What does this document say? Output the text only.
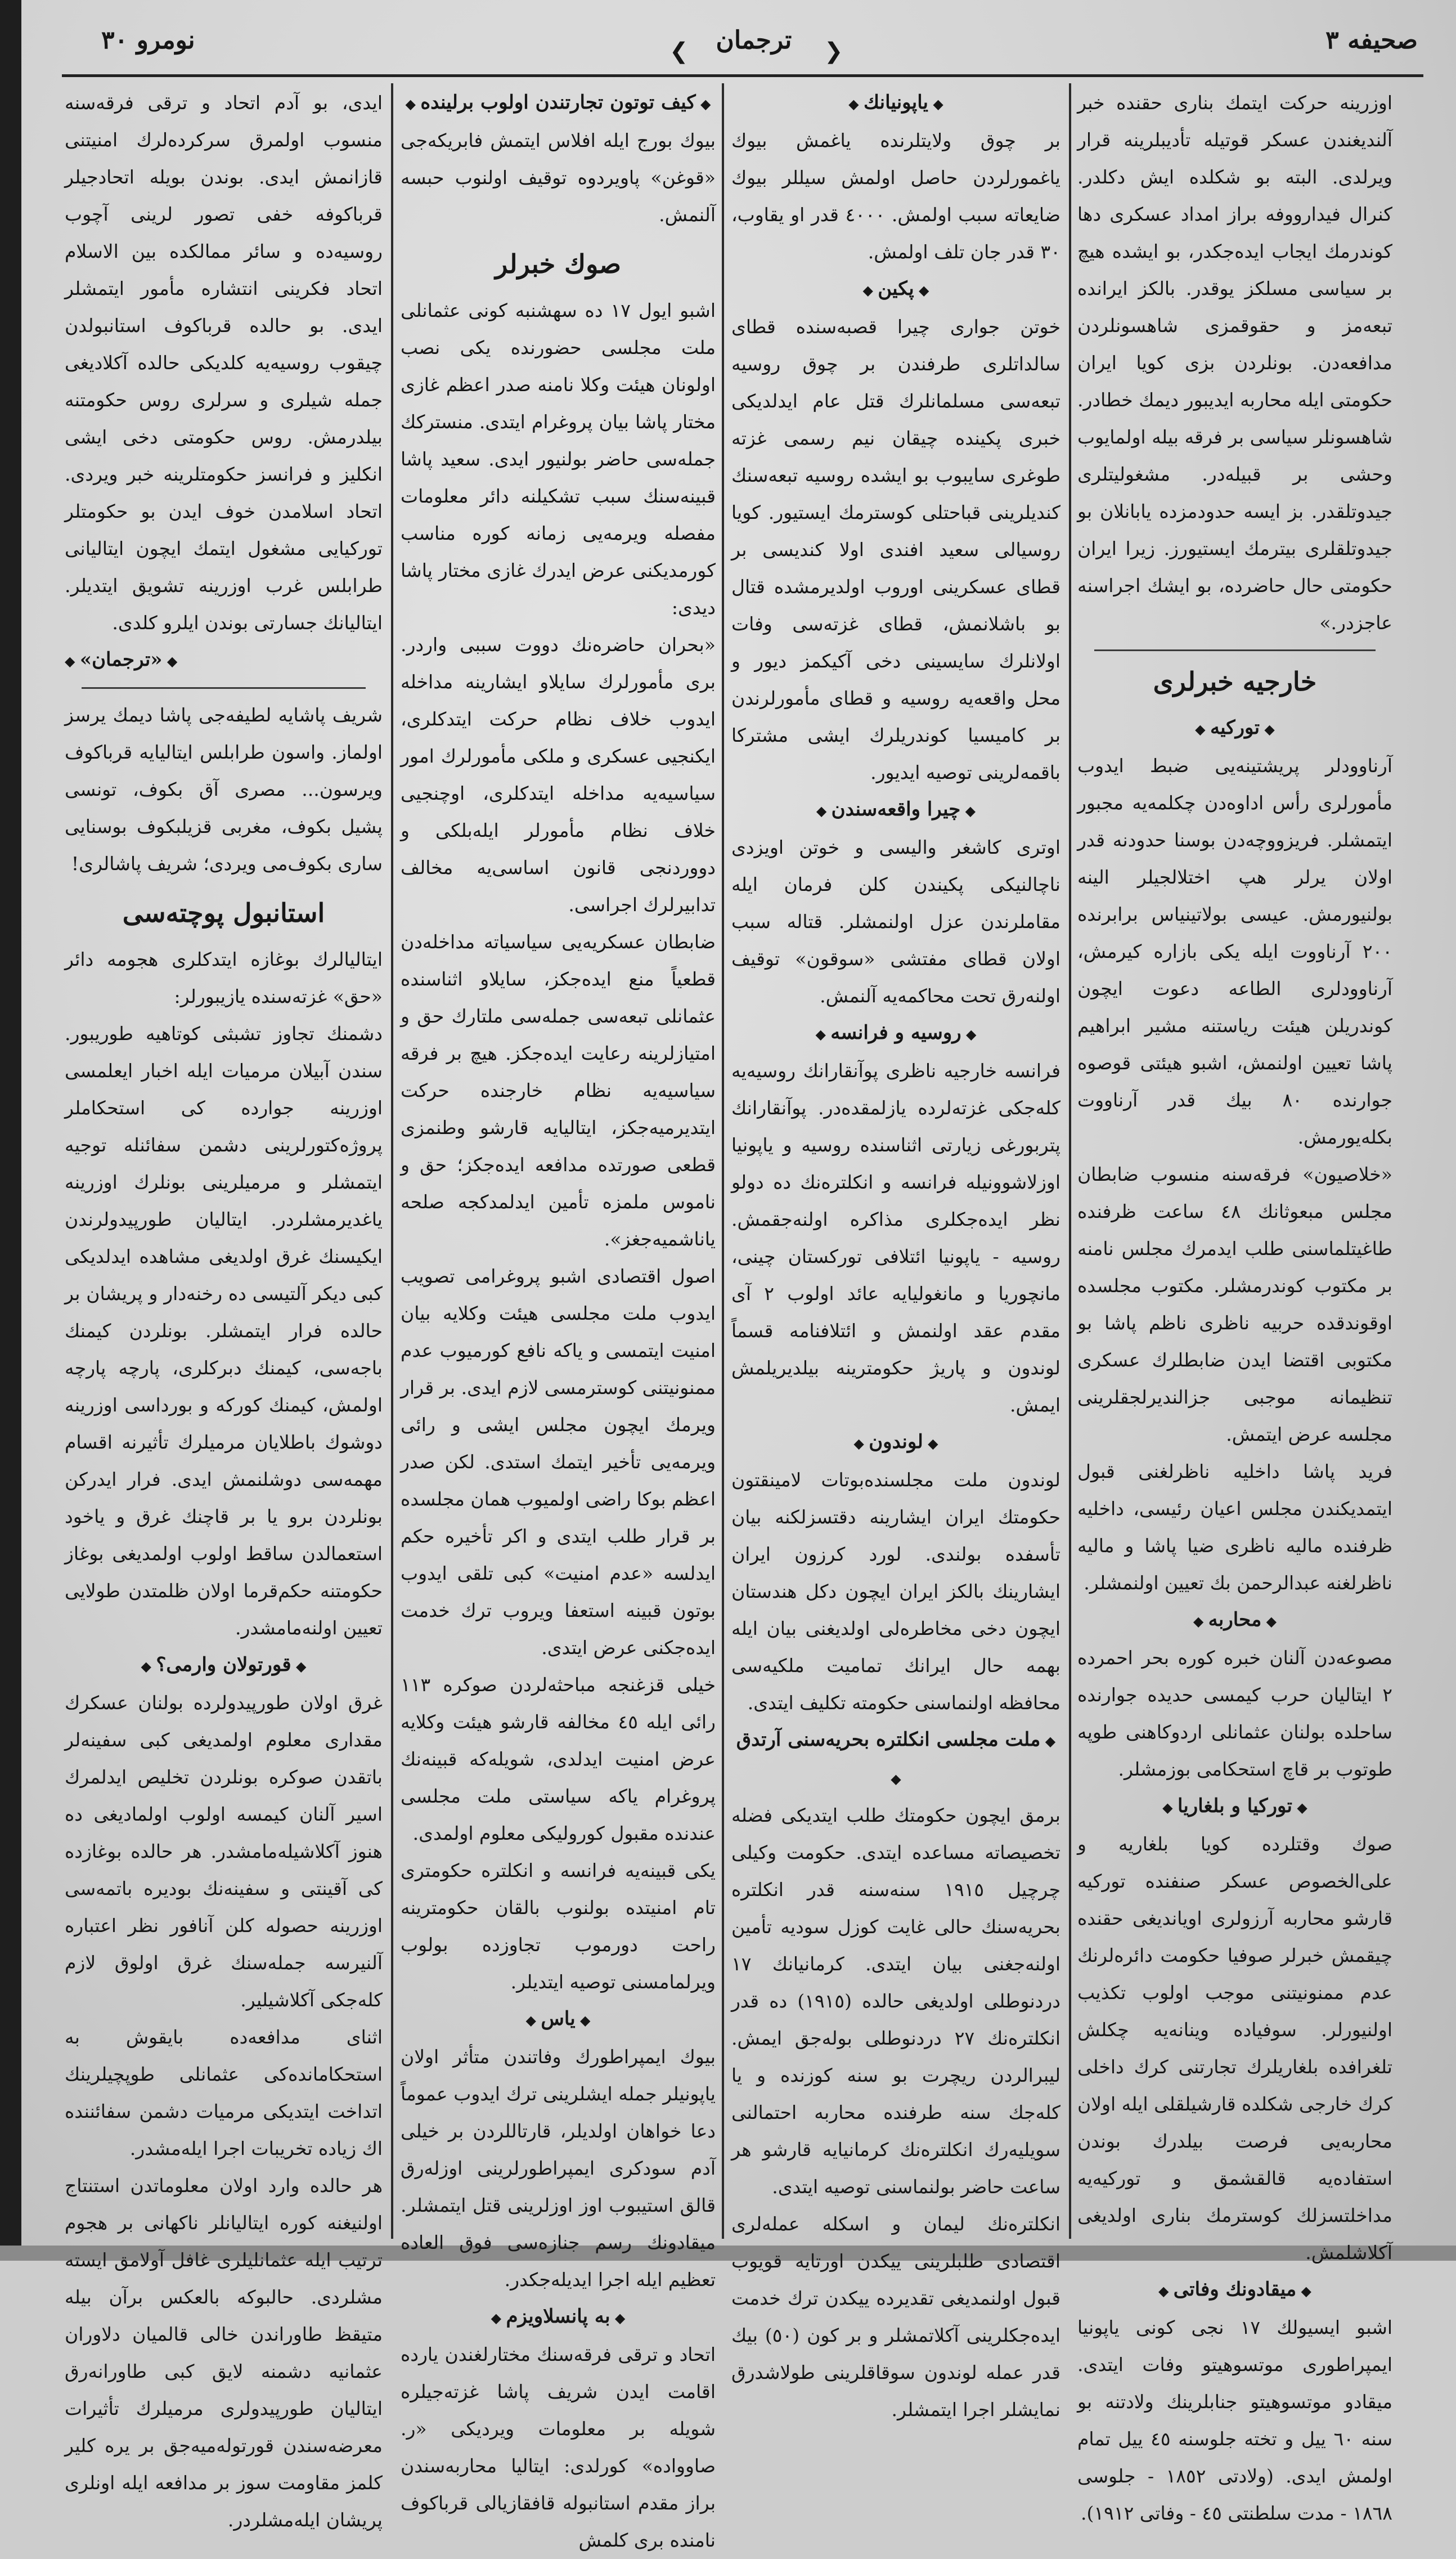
نومرو ٣٠	❮	ترجمان	❯	صحيفه ٣

اوزرينه حركت ايتمك بنارى حقنده خبر آلنديغندن عسكر قوتيله تأديبلرينه قرار ويرلدى. البته بو شكلده ايش دكلدر. كنرال فيدارووفه براز امداد عسكرى دها كوندرمك ايجاب ايده‌جكدر، بو ايشده هيچ بر سياسى مسلكز يوقدر. بالكز ايرانده تبعه‌مز و حقوقمزى شاهسونلردن مدافعه‌دن. بونلردن بزى كويا ايران حكومتى ايله محاربه ايديبور ديمك خطادر. شاهسونلر سياسى بر فرقه بيله اولمايوب وحشى بر قبيله‌در. مشغوليتلرى جيدوتلقدر. بز ايسه حدودمزده يابانلان بو جيدوتلقلرى بيترمك ايستيورز. زيرا ايران حكومتى حال حاضرده، بو ايشك اجراسنه عاجزدر.»

خارجيه خبرلرى
◆ توركيه ◆

آرناوودلر پريشتينه‌يى ضبط ايدوب مأمورلرى رأس اداوه‌دن چكلمه‌يه مجبور ايتمشلر. فريزووچه‌دن بوسنا حدودنه قدر اولان يرلر هپ اختلالجيلر الينه بولنيورمش. عيسى بولاتينياس برابرنده ٢٠٠ آرناووت ايله يكى بازاره كيرمش، آرناوودلرى الطاعه دعوت ايچون كوندريلن هيئت رياستنه مشير ابراهيم پاشا تعيين اولنمش، اشبو هيئتى قوصوه جوارنده ٨٠ بيك قدر آرناووت بكله‌يورمش.

«خلاصيون» فرقه‌سنه منسوب ضابطان مجلس مبعوثانك ٤٨ ساعت ظرفنده طاغيتلماسنى طلب ايدمرك مجلس نامنه بر مكتوب كوندرمشلر. مكتوب مجلسده اوقوندقده حربيه ناظرى ناظم پاشا بو مكتوبى اقتضا ايدن ضابطلرك عسكرى تنظيمانه موجبى جزالنديرلجقلرينى مجلسه عرض ايتمش.

فريد پاشا داخليه ناظرلغنى قبول ايتمديكندن مجلس اعيان رئيسى، داخليه ظرفنده ماليه ناظرى ضيا پاشا و ماليه ناظرلغنه عبدالرحمن بك تعيين اولنمشلر.

◆ محاربه ◆

مصوعه‌دن آلنان خبره كوره بحر احمرده ٢ ايتاليان حرب كيمسى حديده جوارنده ساحلده بولنان عثمانلى اردوكاهنى طوپه طوتوب بر قاچ استحكامى بوزمشلر.

◆ توركيا و بلغاريا ◆

صوك وقتلرده كويا بلغاريه و على‌الخصوص عسكر صنفنده توركيه قارشو محاربه آرزولرى اويانديغى حقنده چيقمش خبرلر صوفيا حكومت دائره‌لرنك عدم ممنونيتنى موجب اولوب تكذيب اولنيورلر. سوفياده وينانه‌يه چكلش تلغرافده بلغاريلرك تجارتنى كرك داخلى كرك خارجى شكلده قارشيلقلى ايله اولان محاربه‌يى فرصت بيلدرك بوندن استفاده‌يه قالقشمق و توركيه‌يه مداخلتسزلك كوسترمك بنارى اولديغى آكلاشلمش.

◆ ميقادونك وفاتى ◆

اشبو ايسيولك ١٧ نجى كونى ياپونيا ايمپراطورى موتسوهيتو وفات ايتدى. ميقادو موتسوهيتو جنابلرينك ولادتنه بو سنه ٦٠ ييل و تخته جلوسنه ٤٥ ييل تمام اولمش ايدى. (ولادتى ١٨٥٢ - جلوسى ١٨٦٨ - مدت سلطنتى ٤٥ - وفاتى ١٩١٢).

◆ ياپونيانك ◆

بر چوق ولايتلرنده ياغمش بيوك ياغمورلردن حاصل اولمش سيللر بيوك ضايعاته سبب اولمش. ٤٠٠٠ قدر او يقاوب، ٣٠ قدر جان تلف اولمش.

◆ پكين ◆

خوتن جوارى چيرا قصبه‌سنده قطاى سالداتلرى طرفندن بر چوق روسيه تبعه‌سى مسلمانلرك قتل عام ايدلديكى خبرى پكينده چيقان نيم رسمى غزته طوغرى سايبوب بو ايشده روسيه تبعه‌سنك كنديلرينى قباحتلى كوسترمك ايستيور. كويا روسيالى سعيد افندى اولا كنديسى بر قطاى عسكرينى اوروب اولديرمشده قتال بو باشلانمش، قطاى غزته‌سى وفات اولانلرك سايسينى دخى آكيكمز ديور و محل واقعه‌يه روسيه و قطاى مأمورلرندن بر كاميسيا كوندريلرك ايشى مشتركا باقمه‌لرينى توصيه ايديور.

◆ چيرا واقعه‌سندن ◆

اوترى كاشغر واليسى و خوتن اويزدى ناچالنيكى پكيندن كلن فرمان ايله مقاملرندن عزل اولنمشلر. قتاله سبب اولان قطاى مفتشى «سوقون» توقيف اولنه‌رق تحت محاكمه‌يه آلنمش.

◆ روسيه و فرانسه ◆

فرانسه خارجيه ناظرى پوآنقارانك روسيه‌يه كله‌جكى غزته‌لرده يازلمقده‌در. پوآنقارانك پتربورغى زيارتى اثناسنده روسيه و ياپونيا اوزلاشوونيله فرانسه و انكلتره‌نك ده دولو نظر ايده‌جكلرى مذاكره اولنه‌جقمش. روسيه - ياپونيا ائتلافى توركستان چينى، مانچوريا و مانغوليايه عائد اولوب ٢ آى مقدم عقد اولنمش و ائتلافنامه قسماً لوندون و پاريژ حكومترينه بيلديريلمش ايمش.

◆ لوندون ◆

لوندون ملت مجلسنده‌بوتات لامينقتون حكومتك ايران ايشارينه دقتسزلكنه بيان تأسفده بولندى. لورد كرزون ايران ايشارينك بالكز ايران ايچون دكل هندستان ايچون دخى مخاطره‌لى اولديغنى بيان ايله بهمه حال ايرانك تماميت ملكيه‌سى محافظه اولنماسنى حكومته تكليف ايتدى.

◆ ملت مجلسى انكلتره بحريه‌سنى آرتدق ◆

برمق ايچون حكومتك طلب ايتديكى فضله تخصيصاته مساعده ايتدى. حكومت وكيلى چرچيل ١٩١٥ سنه‌سنه قدر انكلتره بحريه‌سنك حالى غايت كوزل سوديه تأمين اولنه‌جغنى بيان ايتدى. كرمانيانك ١٧ دردنوطلى اولديغى حالده (١٩١٥) ده قدر انكلتره‌نك ٢٧ دردنوطلى بوله‌جق ايمش. ليبرالردن ريچرت بو سنه كوزنده و يا كله‌جك سنه طرفنده محاربه احتمالنى سويليه‌رك انكلتره‌نك كرمانيايه قارشو هر ساعت حاضر بولنماسنى توصيه ايتدى.

انكلتره‌نك ليمان و اسكله عمله‌لرى اقتصادى طلبلرينى ييكدن اورتايه قويوب قبول اولنمديغى تقديرده ييكدن ترك خدمت ايده‌جكلرينى آكلاتمشلر و بر كون (٥٠) بيك قدر عمله لوندون سوقاقلرينى طولاشدرق نمايشلر اجرا ايتمشلر.

◆ كيف توتون تجارتندن اولوب برلينده ◆

بيوك بورج ايله افلاس ايتمش فابريكه‌جى «قوغن» پاويردوه توقيف اولنوب حبسه آلنمش.

صوك خبرلر

اشبو ايول ١٧ ده سهشنبه كونى عثمانلى ملت مجلسى حضورنده يكى نصب اولونان هيئت وكلا نامنه صدر اعظم غازى مختار پاشا بيان پروغرام ايتدى. منستركك جمله‌سى حاضر بولنيور ايدى. سعيد پاشا قبينه‌سنك سبب تشكيلنه دائر معلومات مفصله ويرمه‌يى زمانه كوره مناسب كورمديكنى عرض ايدرك غازى مختار پاشا ديدى:

«بحران حاضره‌نك دووت سببى واردر. برى مأمورلرك سايلاو ايشارينه مداخله ايدوب خلاف نظام حركت ايتدكلرى، ايكنجيى عسكرى و ملكى مأمورلرك امور سياسيه‌يه مداخله ايتدكلرى، اوچنجيى خلاف نظام مأمورلر ايله‌بلكى و دووردنجى قانون اساسى‌يه مخالف تدابيرلرك اجراسى.

ضابطان عسكريه‌يى سياسياته مداخله‌دن قطعياً منع ايده‌جكز، سايلاو اثناسنده عثمانلى تبعه‌سى جمله‌سى ملتارك حق و امتيازلرينه رعايت ايده‌جكز. هيچ بر فرقه سياسيه‌يه نظام خارجنده حركت ايتديرميه‌جكز، ايتاليايه قارشو وطنمزى قطعى صورتده مدافعه ايده‌جكز؛ حق و ناموس ملمزه تأمين ايدلمدكجه صلحه ياناشميه‌جغز».

اصول اقتصادى اشبو پروغرامى تصويب ايدوب ملت مجلسى هيئت وكلايه بيان امنيت ايتمسى و ياكه نافع كورميوب عدم ممنونيتنى كوسترمسى لازم ايدى. بر قرار ويرمك ايچون مجلس ايشى و رائى ويرمه‌يى تأخير ايتمك استدى. لكن صدر اعظم بوكا راضى اولميوب همان مجلسده بر قرار طلب ايتدى و اكر تأخيره حكم ايدلسه «عدم امنيت» كبى تلقى ايدوب بوتون قبينه استعفا ويروب ترك خدمت ايده‌جكنى عرض ايتدى.

خيلى قزغنجه مباحثه‌لردن صوكره ١١٣ رائى ايله ٤٥ مخالفه قارشو هيئت وكلايه عرض امنيت ايدلدى، شويله‌كه قبينه‌نك پروغرام ياكه سياستى ملت مجلسى عندنده مقبول كوروليكى معلوم اولمدى.

يكى قبينه‌يه فرانسه و انكلتره حكومترى تام امنيتده بولنوب بالقان حكومترينه راحت دورموب تجاوزده بولوب ويرلمامسنى توصيه ايتديلر.

◆ ياس ◆

بيوك ايمپراطورك وفاتندن متأثر اولان ياپونيلر جمله ايشلرينى ترك ايدوب عموماً دعا خواهان اولديلر، قارتاللردن بر خيلى آدم سودكرى ايمپراطورلرينى اوزله‌رق قالق استيبوب اوز اوزلرينى قتل ايتمشلر. ميقادونك رسم جنازه‌سى فوق العاده تعظيم ايله اجرا ايديله‌جكدر.

◆ به پانسلاويزم ◆

اتحاد و ترقى فرقه‌سنك مختارلغندن يارده اقامت ايدن شريف پاشا غزته‌جيلره شويله بر معلومات ويرديكى «ر. صاوواده» كورلدى: ايتاليا محاربه‌سندن براز مقدم استانبوله قافقازيالى قرباكوف نامنده برى كلمش

ايدى، بو آدم اتحاد و ترقى فرقه‌سنه منسوب اولمرق سركرده‌لرك امنيتنى قازانمش ايدى. بوندن بويله اتحادجيلر قرباكوفه خفى تصور لرينى آچوب روسيه‌ده و سائر ممالكده بين الاسلام اتحاد فكرينى انتشاره مأمور ايتمشلر ايدى. بو حالده قرباكوف استانبولدن چيقوب روسيه‌يه كلديكى حالده آكلاديغى جمله شيلرى و سرلرى روس حكومتنه بيلدرمش. روس حكومتى دخى ايشى انكليز و فرانسز حكومتلرينه خبر ويردى. اتحاد اسلامدن خوف ايدن بو حكومتلر توركيايى مشغول ايتمك ايچون ايتاليانى طرابلس غرب اوزرينه تشويق ايتديلر. ايتاليانك جسارتى بوندن ايلرو كلدى.

◆ «ترجمان» ◆

شريف پاشايه لطيفه‌جى پاشا ديمك يرسز اولماز. واسون طرابلس ايتاليايه قرباكوف ويرسون... مصرى آق بكوف، تونسى پشيل بكوف، مغربى قزيلبكوف بوسنايى سارى بكوف‌مى ويردى؛ شريف پاشالرى!

استانبول پوچته‌سى

ايتاليالرك بوغازه ايتدكلرى هجومه دائر «حق» غزته‌سنده يازيبورلر:

دشمنك تجاوز تشبثى كوتاهيه طوريبور. سندن آبيلان مرميات ايله اخبار ايعلمسى اوزرينه جوارده كى استحكاملر پروژه‌كتورلرينى دشمن سفائنله توجيه ايتمشلر و مرميلرينى بونلرك اوزرينه ياغديرمشلردر. ايتاليان طورپيدولرندن ايكيسنك غرق اولديغى مشاهده ايدلديكى كبى ديكر آلتيسى ده رخنه‌دار و پريشان بر حالده فرار ايتمشلر. بونلردن كيمنك باجه‌سى، كيمنك دبركلرى، پارچه پارچه اولمش، كيمنك كوركه و بورداسى اوزرينه دوشوك باطلايان مرميلرك تأثيرنه اقسام مهمه‌سى دوشلنمش ايدى. فرار ايدركن بونلردن برو يا بر قاچنك غرق و ياخود استعمالدن ساقط اولوب اولمديغى بوغاز حكومتنه حكم‌قرما اولان ظلمتدن طولايى تعيين اولنه‌مامشدر.

◆ قورتولان وارمى؟ ◆

غرق اولان طورپيدولرده بولنان عسكرك مقدارى معلوم اولمديغى كبى سفينه‌لر باتقدن صوكره بونلردن تخليص ايدلمرك اسير آلنان كيمسه اولوب اولماديغى ده هنوز آكلاشيله‌مامشدر. هر حالده بوغازده كى آقينتى و سفينه‌نك بوديره باتمه‌سى اوزرينه حصوله كلن آنافور نظر اعتباره آلنيرسه جمله‌سنك غرق اولوق لازم كله‌جكى آكلاشيلير.

اثناى مدافعه‌ده بايقوش به استحكامانده‌كى عثمانلى طوپچيلرينك اتداخت ايتديكى مرميات دشمن سفائننده اك زياده تخريبات اجرا ايله‌مشدر.

هر حالده وارد اولان معلوماتدن استنتاج اولنيغنه كوره ايتاليانلر ناكهانى بر هجوم ترتيب ايله عثمانليلرى غافل آولامق ايسته مشلردى. حالبوكه بالعكس برآن بيله متيقظ طاوراندن خالى قالميان دلاوران عثمانيه دشمنه لايق كبى طاورانه‌رق ايتاليان طورپيدولرى مرميلرك تأثيرات معرضه‌سندن قورتوله‌ميه‌جق بر يره كلير كلمز مقاومت سوز بر مدافعه ايله اونلرى پريشان ايله‌مشلردر.
